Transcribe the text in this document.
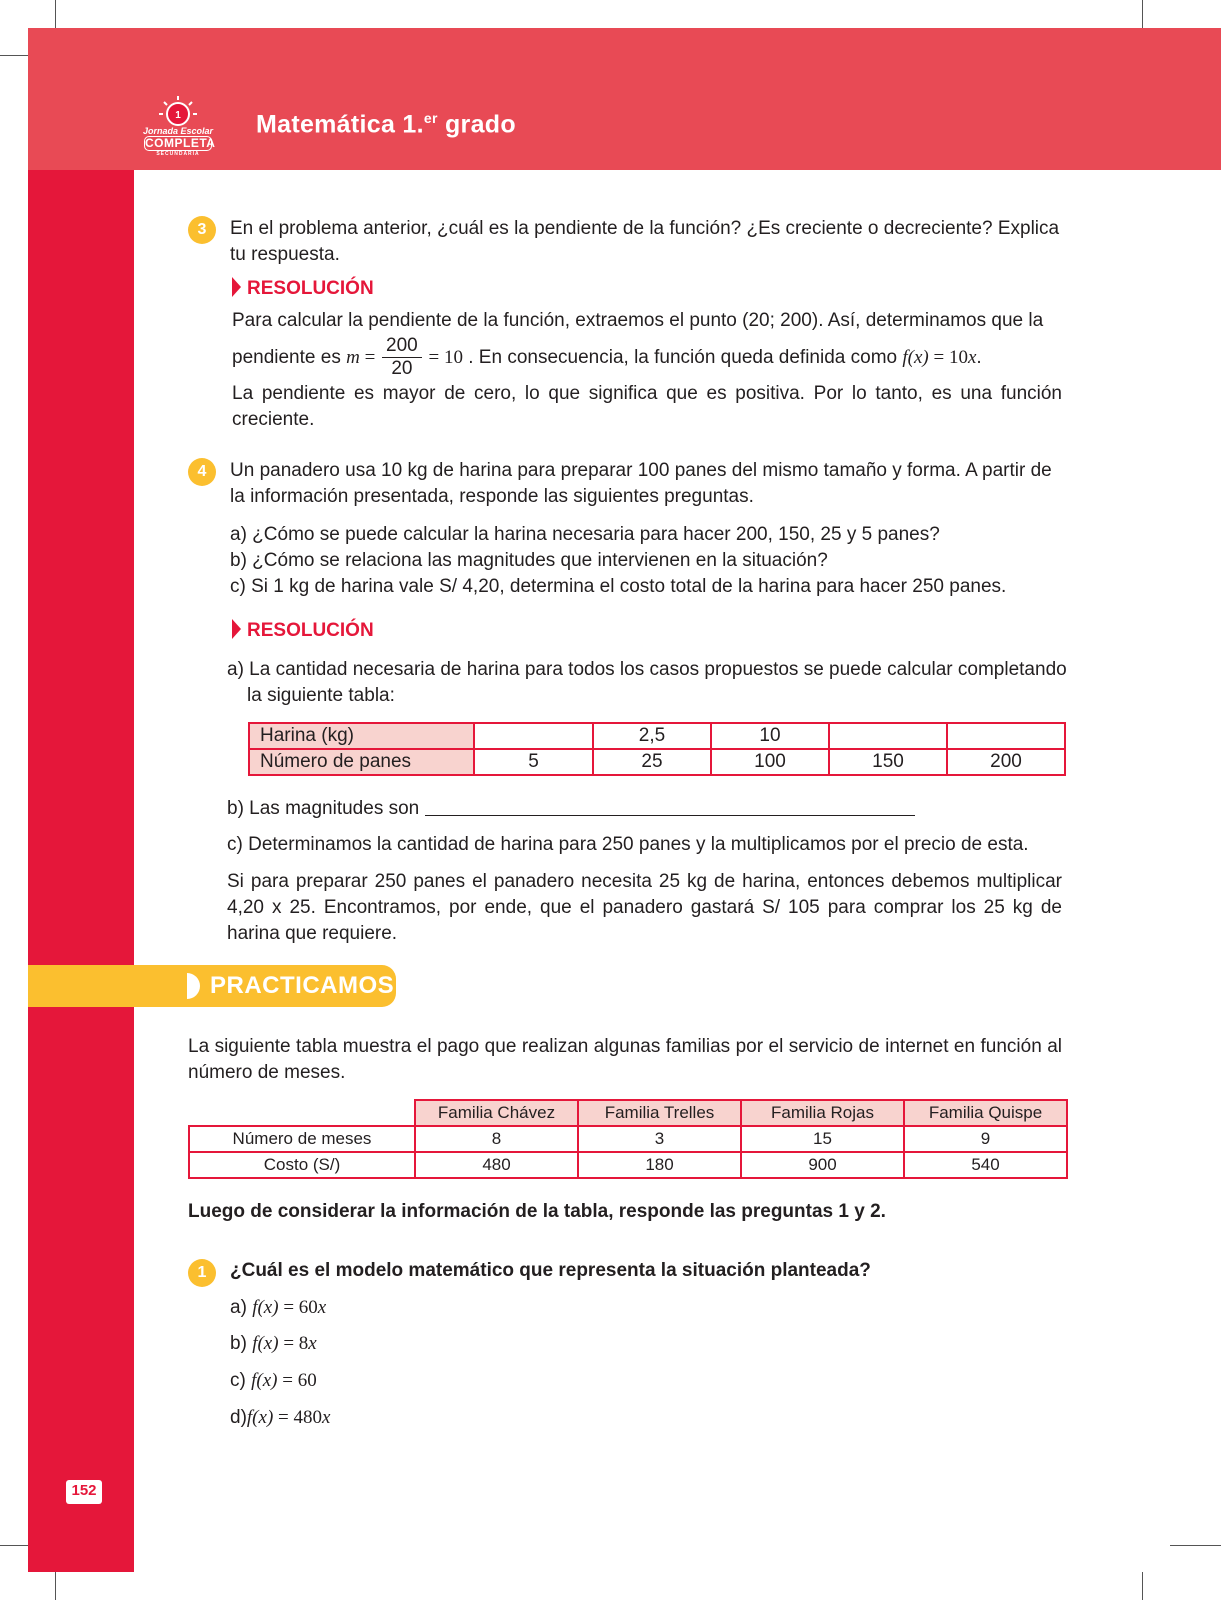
1
Jornada Escolar
COMPLETA
SECUNDARIA
Matemática 1.$^{er}$ grado
3	En el problema anterior, ¿cuál es la pendiente de la función? ¿Es creciente o decreciente? Explica tu respuesta.
RESOLUCIÓN
Para calcular la pendiente de la función, extraemos el punto (20; 200). Así, determinamos que la
pendiente es $m = \frac{200}{20} = 10$ . En consecuencia, la función queda definida como f(x) = 10x.
La pendiente es mayor de cero, lo que significa que es positiva. Por lo tanto, es una función creciente.
4	Un panadero usa 10 kg de harina para preparar 100 panes del mismo tamaño y forma. A partir de la información presentada, responde las siguientes preguntas.
a) ¿Cómo se puede calcular la harina necesaria para hacer 200, 150, 25 y 5 panes?
b) ¿Cómo se relaciona las magnitudes que intervienen en la situación?
c) Si 1 kg de harina vale S/ 4,20, determina el costo total de la harina para hacer 250 panes.
RESOLUCIÓN
a) La cantidad necesaria de harina para todos los casos propuestos se puede calcular completando la siguiente tabla:
Harina (kg)		2,5	10		
Número de panes	5	25	100	150	200
b) Las magnitudes son
c) Determinamos la cantidad de harina para 250 panes y la multiplicamos por el precio de esta.
Si para preparar 250 panes el panadero necesita 25 kg de harina, entonces debemos multiplicar 4,20 x 25. Encontramos, por ende, que el panadero gastará S/ 105 para comprar los 25 kg de harina que requiere.
PRACTICAMOS
La siguiente tabla muestra el pago que realizan algunas familias por el servicio de internet en función al número de meses.
	Familia Chávez	Familia Trelles	Familia Rojas	Familia Quispe
Número de meses	8	3	15	9
Costo (S/)	480	180	900	540
Luego de considerar la información de la tabla, responde las preguntas 1 y 2.
1	¿Cuál es el modelo matemático que representa la situación planteada?
a) f(x) = 60x
b) f(x) = 8x
c) f(x) = 60
d)f(x) = 480x
152
